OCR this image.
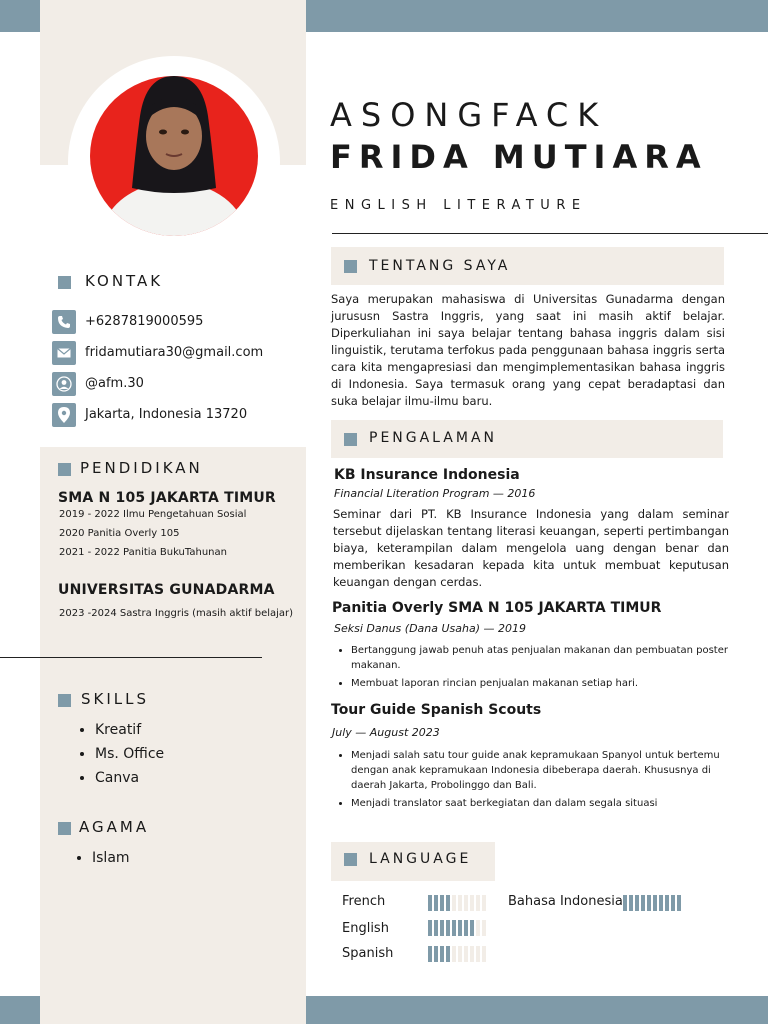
KONTAK
+6287819000595
fridamutiara30@gmail.com
@afm.30
Jakarta, Indonesia 13720
PENDIDIKAN
SMA N 105 JAKARTA TIMUR
2019 - 2022 Ilmu Pengetahuan Sosial
2020 Panitia Overly 105
2021 - 2022 Panitia BukuTahunan
UNIVERSITAS GUNADARMA
2023 -2024 Sastra Inggris (masih aktif belajar)
SKILLS
• Kreatif
• Ms. Office
• Canva
AGAMA
• Islam
ASONGFACK
FRIDA MUTIARA
ENGLISH LITERATURE
TENTANG SAYA
Saya merupakan mahasiswa di Universitas Gunadarma dengan jurususn Sastra Inggris, yang saat ini masih aktif belajar. Diperkuliahan ini saya belajar tentang bahasa inggris dalam sisi linguistik, terutama terfokus pada penggunaan bahasa inggris serta cara kita mengapresiasi dan mengimplementasikan bahasa inggris di Indonesia. Saya termasuk orang yang cepat beradaptasi dan suka belajar ilmu-ilmu baru.
PENGALAMAN
KB Insurance Indonesia
Financial Literation Program — 2016
Seminar dari PT. KB Insurance Indonesia yang dalam seminar tersebut dijelaskan tentang literasi keuangan, seperti pertimbangan biaya, keterampilan dalam mengelola uang dengan benar dan memberikan kesadaran kepada kita untuk membuat keputusan keuangan dengan cerdas.
Panitia Overly SMA N 105 JAKARTA TIMUR
Seksi Danus (Dana Usaha) — 2019
• Bertanggung jawab penuh atas penjualan makanan dan pembuatan poster makanan.
• Membuat laporan rincian penjualan makanan setiap hari.
Tour Guide Spanish Scouts
July — August 2023
• Menjadi salah satu tour guide anak kepramukaan Spanyol untuk bertemu dengan anak kepramukaan Indonesia dibeberapa daerah. Khususnya di daerah Jakarta, Probolinggo dan Bali.
• Menjadi translator saat berkegiatan dan dalam segala situasi
LANGUAGE
French
English
Spanish
Bahasa Indonesia
